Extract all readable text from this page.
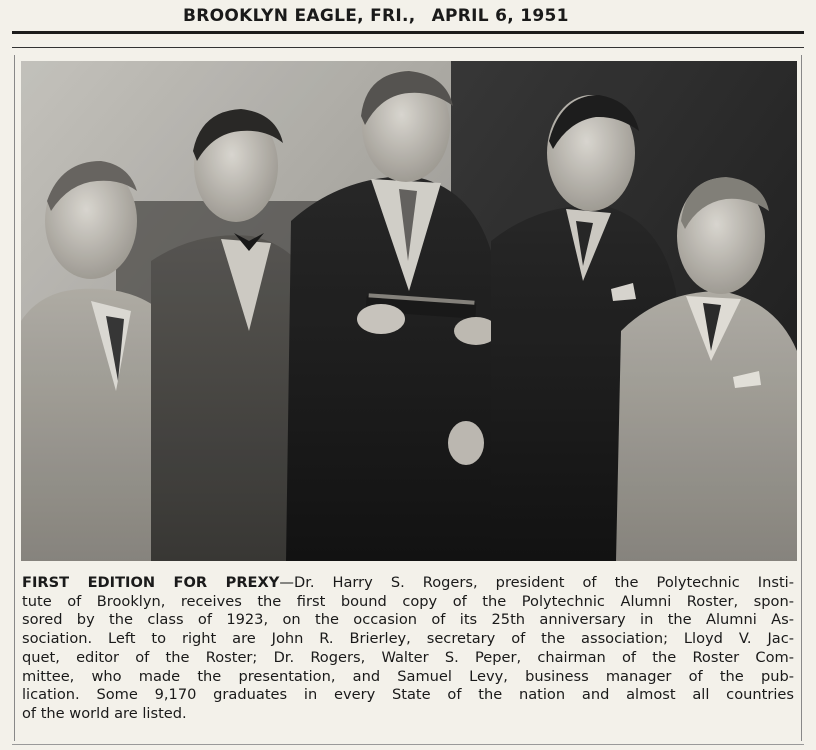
BROOKLYN EAGLE, FRI., APRIL 6, 1951
FIRST EDITION FOR PREXY—Dr. Harry S. Rogers, president of the Polytechnic Insti-
tute of Brooklyn, receives the first bound copy of the Polytechnic Alumni Roster, spon-
sored by the class of 1923, on the occasion of its 25th anniversary in the Alumni As-
sociation. Left to right are John R. Brierley, secretary of the association; Lloyd V. Jac-
quet, editor of the Roster; Dr. Rogers, Walter S. Peper, chairman of the Roster Com-
mittee, who made the presentation, and Samuel Levy, business manager of the pub-
lication. Some 9,170 graduates in every State of the nation and almost all countries
of the world are listed.
